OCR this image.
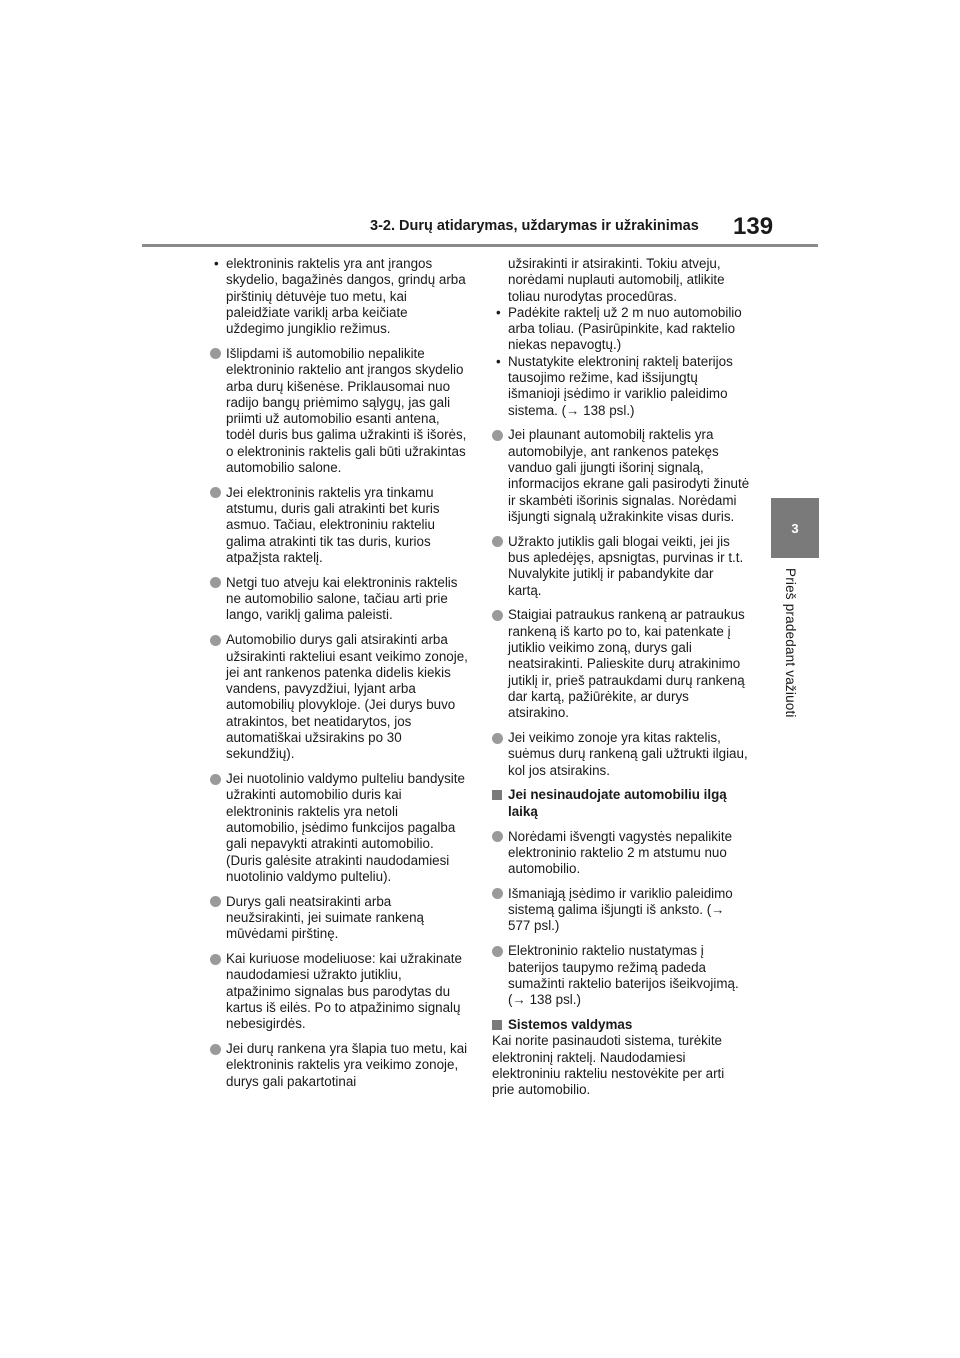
3-2. Durų atidarymas, uždarymas ir užrakinimas 139
3
Prieš pradedant važiuoti
• elektroninis raktelis yra ant įrangos skydelio, bagažinės dangos, grindų arba pirštinių dėtuvėje tuo metu, kai paleidžiate variklį arba keičiate uždegimo jungiklio režimus.
Išlipdami iš automobilio nepalikite elektroninio raktelio ant įrangos skydelio arba durų kišenėse. Priklausomai nuo radijo bangų priėmimo sąlygų, jas gali priimti už automobilio esanti antena, todėl duris bus galima užrakinti iš išorės, o elektroninis raktelis gali būti užrakintas automobilio salone.
Jei elektroninis raktelis yra tinkamu atstumu, duris gali atrakinti bet kuris asmuo. Tačiau, elektroniniu rakteliu galima atrakinti tik tas duris, kurios atpažįsta raktelį.
Netgi tuo atveju kai elektroninis raktelis ne automobilio salone, tačiau arti prie lango, variklį galima paleisti.
Automobilio durys gali atsirakinti arba užsirakinti rakteliui esant veikimo zonoje, jei ant rankenos patenka didelis kiekis vandens, pavyzdžiui, lyjant arba automobilių plovykloje. (Jei durys buvo atrakintos, bet neatidarytos, jos automatiškai užsirakins po 30 sekundžių).
Jei nuotolinio valdymo pulteliu bandysite užrakinti automobilio duris kai elektroninis raktelis yra netoli automobilio, įsėdimo funkcijos pagalba gali nepavykti atrakinti automobilio. (Duris galėsite atrakinti naudodamiesi nuotolinio valdymo pulteliu).
Durys gali neatsirakinti arba neužsirakinti, jei suimate rankeną mūvėdami pirštinę.
Kai kuriuose modeliuose: kai užrakinate naudodamiesi užrakto jutikliu, atpažinimo signalas bus parodytas du kartus iš eilės. Po to atpažinimo signalų nebesigirdės.
Jei durų rankena yra šlapia tuo metu, kai elektroninis raktelis yra veikimo zonoje, durys gali pakartotinai
užsirakinti ir atsirakinti. Tokiu atveju, norėdami nuplauti automobilį, atlikite toliau nurodytas procedūras.
• Padėkite raktelį už 2 m nuo automobilio arba toliau. (Pasirūpinkite, kad raktelio niekas nepavogtų.)
• Nustatykite elektroninį raktelį baterijos tausojimo režime, kad išsijungtų išmanioji įsėdimo ir variklio paleidimo sistema. (→ 138 psl.)
Jei plaunant automobilį raktelis yra automobilyje, ant rankenos patekęs vanduo gali įjungti išorinį signalą, informacijos ekrane gali pasirodyti žinutė ir skambėti išorinis signalas. Norėdami išjungti signalą užrakinkite visas duris.
Užrakto jutiklis gali blogai veikti, jei jis bus apledėjęs, apsnigtas, purvinas ir t.t. Nuvalykite jutiklį ir pabandykite dar kartą.
Staigiai patraukus rankeną ar patraukus rankeną iš karto po to, kai patenkate į jutiklio veikimo zoną, durys gali neatsirakinti. Palieskite durų atrakinimo jutiklį ir, prieš patraukdami durų rankeną dar kartą, pažiūrėkite, ar durys atsirakino.
Jei veikimo zonoje yra kitas raktelis, suėmus durų rankeną gali užtrukti ilgiau, kol jos atsirakins.
Jei nesinaudojate automobiliu ilgą laiką
Norėdami išvengti vagystės nepalikite elektroninio raktelio 2 m atstumu nuo automobilio.
Išmaniąją įsėdimo ir variklio paleidimo sistemą galima išjungti iš anksto. (→ 577 psl.)
Elektroninio raktelio nustatymas į baterijos taupymo režimą padeda sumažinti raktelio baterijos išeikvojimą. (→ 138 psl.)
Sistemos valdymas
Kai norite pasinaudoti sistema, turėkite elektroninį raktelį. Naudodamiesi elektroniniu rakteliu nestovėkite per arti prie automobilio.
